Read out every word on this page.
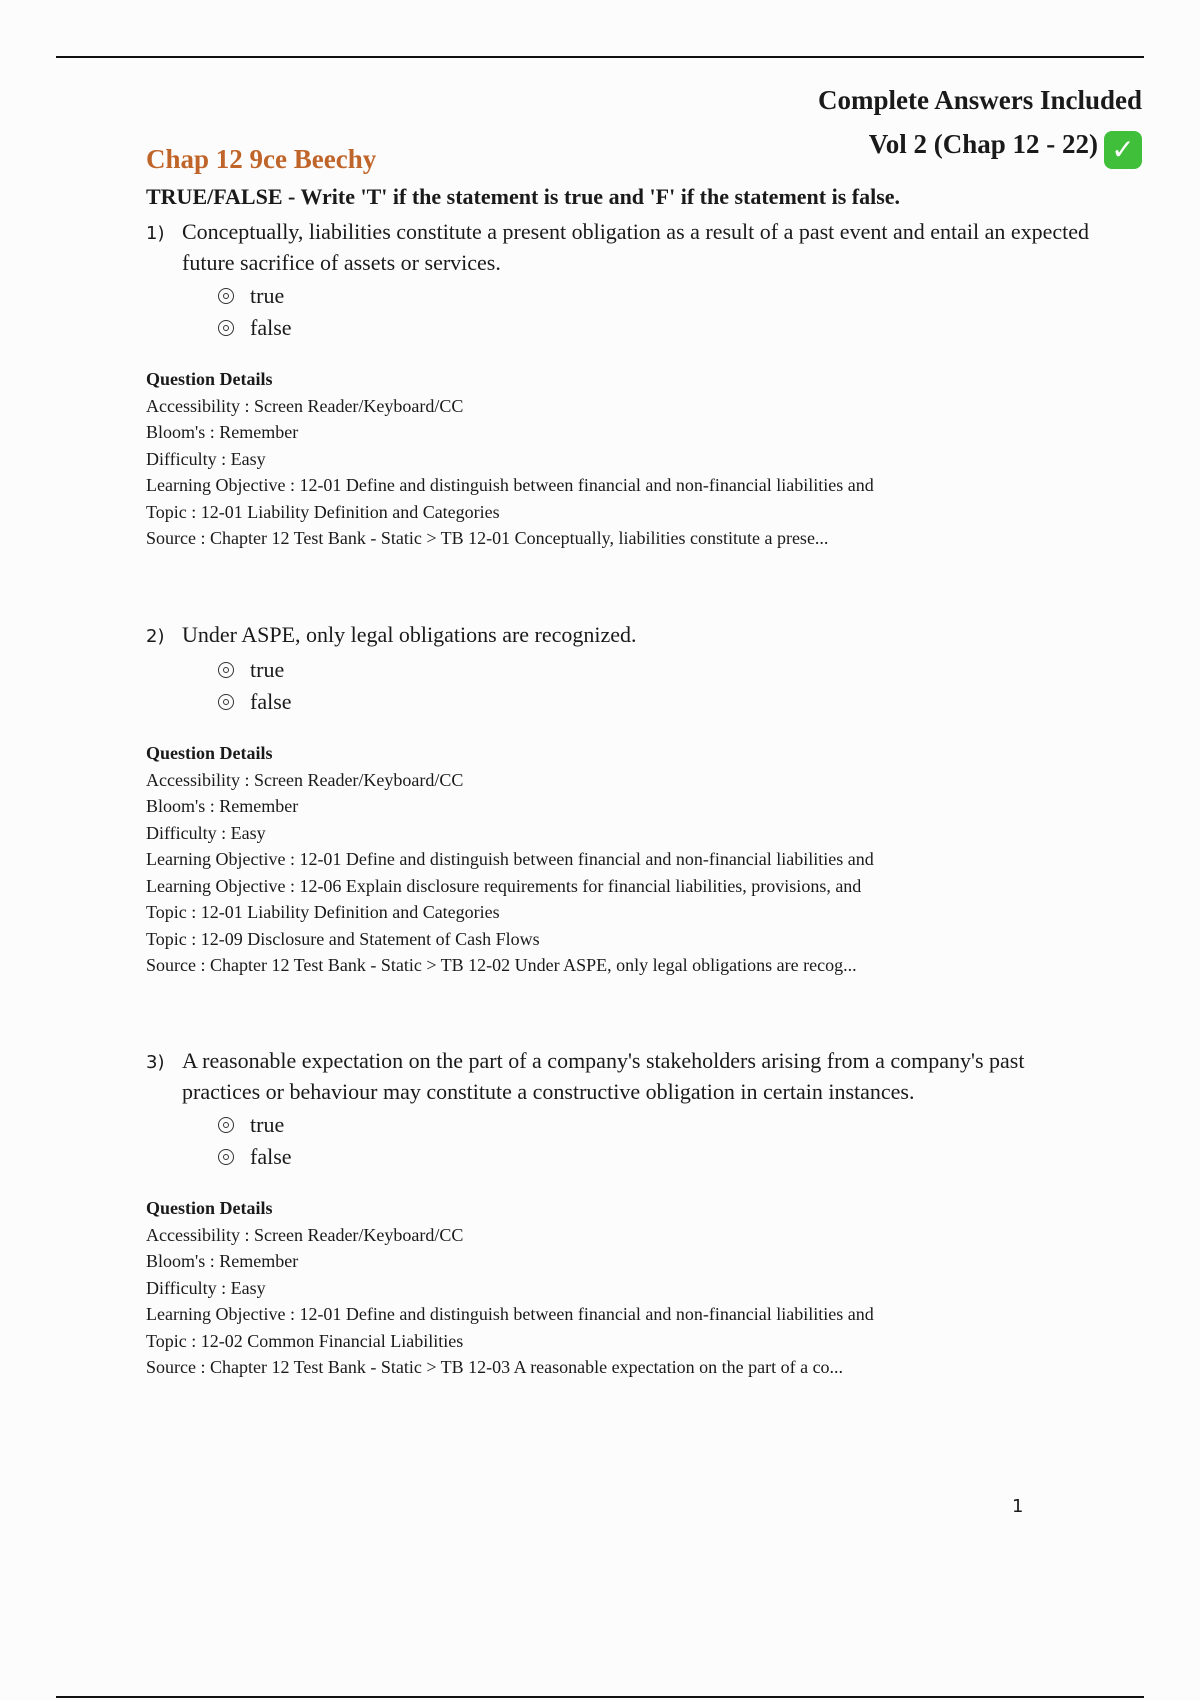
Complete Answers Included
Vol 2 (Chap 12 - 22) ✓
Chap 12 9ce Beechy
TRUE/FALSE - Write 'T' if the statement is true and 'F' if the statement is false.
1) Conceptually, liabilities constitute a present obligation as a result of a past event and entail an expected future sacrifice of assets or services.
true
false
Question Details
Accessibility : Screen Reader/Keyboard/CC
Bloom's : Remember
Difficulty : Easy
Learning Objective : 12-01 Define and distinguish between financial and non-financial liabilities and
Topic : 12-01 Liability Definition and Categories
Source : Chapter 12 Test Bank - Static > TB 12-01 Conceptually, liabilities constitute a prese...
2) Under ASPE, only legal obligations are recognized.
true
false
Question Details
Accessibility : Screen Reader/Keyboard/CC
Bloom's : Remember
Difficulty : Easy
Learning Objective : 12-01 Define and distinguish between financial and non-financial liabilities and
Learning Objective : 12-06 Explain disclosure requirements for financial liabilities, provisions, and
Topic : 12-01 Liability Definition and Categories
Topic : 12-09 Disclosure and Statement of Cash Flows
Source : Chapter 12 Test Bank - Static > TB 12-02 Under ASPE, only legal obligations are recog...
3) A reasonable expectation on the part of a company's stakeholders arising from a company's past practices or behaviour may constitute a constructive obligation in certain instances.
true
false
Question Details
Accessibility : Screen Reader/Keyboard/CC
Bloom's : Remember
Difficulty : Easy
Learning Objective : 12-01 Define and distinguish between financial and non-financial liabilities and
Topic : 12-02 Common Financial Liabilities
Source : Chapter 12 Test Bank - Static > TB 12-03 A reasonable expectation on the part of a co...
1
